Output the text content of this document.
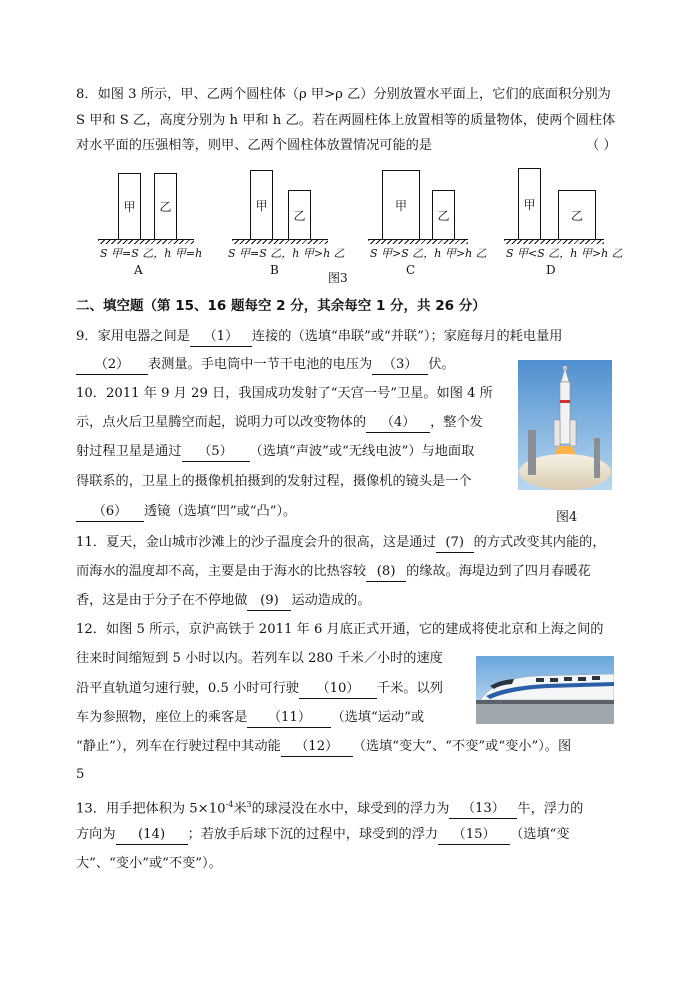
8．如图 3 所示，甲、乙两个圆柱体（ρ 甲>ρ 乙）分别放置水平面上，它们的底面积分别为
S 甲和 S 乙，高度分别为 h 甲和 h 乙。若在两圆柱体上放置相等的质量物体，使两个圆柱体
对水平面的压强相等，则甲、乙两个圆柱体放置情况可能的是	（ ）
甲 乙
S 甲=S 乙，h 甲=h
A
甲
乙
S 甲=S 乙，h 甲>h 乙
B
图3
甲
乙
S 甲>S 乙，h 甲>h 乙
C
甲
乙
S 甲<S 乙，h 甲>h 乙
D
二、填空题（第 15、16 题每空 2 分，其余每空 1 分，共 26 分）
9．家用电器之间是 （1） 连接的（选填“串联”或“并联”）；家庭每月的耗电量用
（2） 表测量。手电筒中一节干电池的电压为 （3） 伏。
10．2011 年 9 月 29 日，我国成功发射了“天宫一号”卫星。如图 4 所
示，点火后卫星腾空而起，说明力可以改变物体的 （4） ，整个发
射过程卫星是通过 （5） （选填“声波”或“无线电波”）与地面取
得联系的，卫星上的摄像机拍摄到的发射过程，摄像机的镜头是一个
（6） 透镜（选填“凹”或“凸”）。	图4
11．夏天，金山城市沙滩上的沙子温度会升的很高，这是通过 (7) 的方式改变其内能的，
而海水的温度却不高，主要是由于海水的比热容较 (8) 的缘故。海堤边到了四月春暖花
香，这是由于分子在不停地做 (9) 运动造成的。
12．如图 5 所示，京沪高铁于 2011 年 6 月底正式开通，它的建成将使北京和上海之间的
往来时间缩短到 5 小时以内。若列车以 280 千米／小时的速度
沿平直轨道匀速行驶，0.5 小时可行驶 （10） 千米。以列
车为参照物，座位上的乘客是 （11） （选填“运动”或
“静止”），列车在行驶过程中其动能 （12） （选填“变大”、“不变”或“变小”）。图
5
13．用手把体积为 $5\times 10^{-4}$米$^3$的球浸没在水中，球受到的浮力为 （13） 牛，浮力的
方向为 (14) ；若放手后球下沉的过程中，球受到的浮力 （15） （选填“变
大”、“变小”或“不变”）。
